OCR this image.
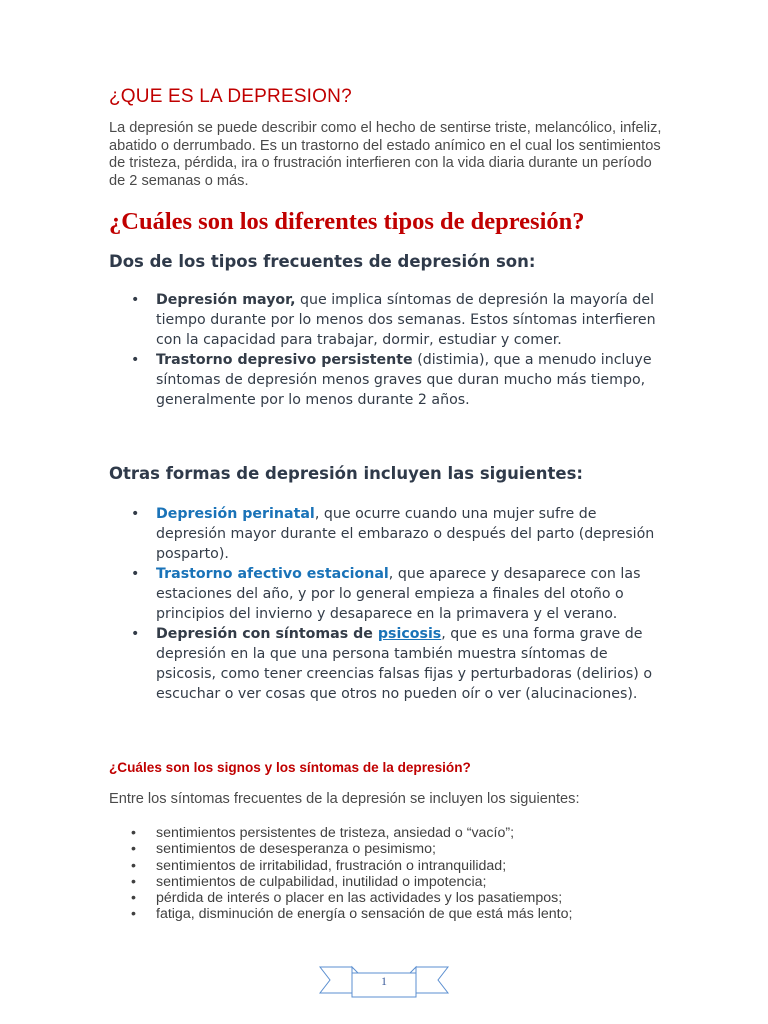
¿QUE ES LA DEPRESION?

La depresión se puede describir como el hecho de sentirse triste, melancólico, infeliz, abatido o derrumbado. Es un trastorno del estado anímico en el cual los sentimientos de tristeza, pérdida, ira o frustración interfieren con la vida diaria durante un período de 2 semanas o más.

¿Cuáles son los diferentes tipos de depresión?
Dos de los tipos frecuentes de depresión son:
• Depresión mayor, que implica síntomas de depresión la mayoría del tiempo durante por lo menos dos semanas. Estos síntomas interfieren con la capacidad para trabajar, dormir, estudiar y comer.
• Trastorno depresivo persistente (distimia), que a menudo incluye síntomas de depresión menos graves que duran mucho más tiempo, generalmente por lo menos durante 2 años.
Otras formas de depresión incluyen las siguientes:
• Depresión perinatal, que ocurre cuando una mujer sufre de depresión mayor durante el embarazo o después del parto (depresión posparto).
• Trastorno afectivo estacional, que aparece y desaparece con las estaciones del año, y por lo general empieza a finales del otoño o principios del invierno y desaparece en la primavera y el verano.
• Depresión con síntomas de psicosis, que es una forma grave de depresión en la que una persona también muestra síntomas de psicosis, como tener creencias falsas fijas y perturbadoras (delirios) o escuchar o ver cosas que otros no pueden oír o ver (alucinaciones).
¿Cuáles son los signos y los síntomas de la depresión?

Entre los síntomas frecuentes de la depresión se incluyen los siguientes:

• sentimientos persistentes de tristeza, ansiedad o “vacío”;
• sentimientos de desesperanza o pesimismo;
• sentimientos de irritabilidad, frustración o intranquilidad;
• sentimientos de culpabilidad, inutilidad o impotencia;
• pérdida de interés o placer en las actividades y los pasatiempos;
• fatiga, disminución de energía o sensación de que está más lento;
1
